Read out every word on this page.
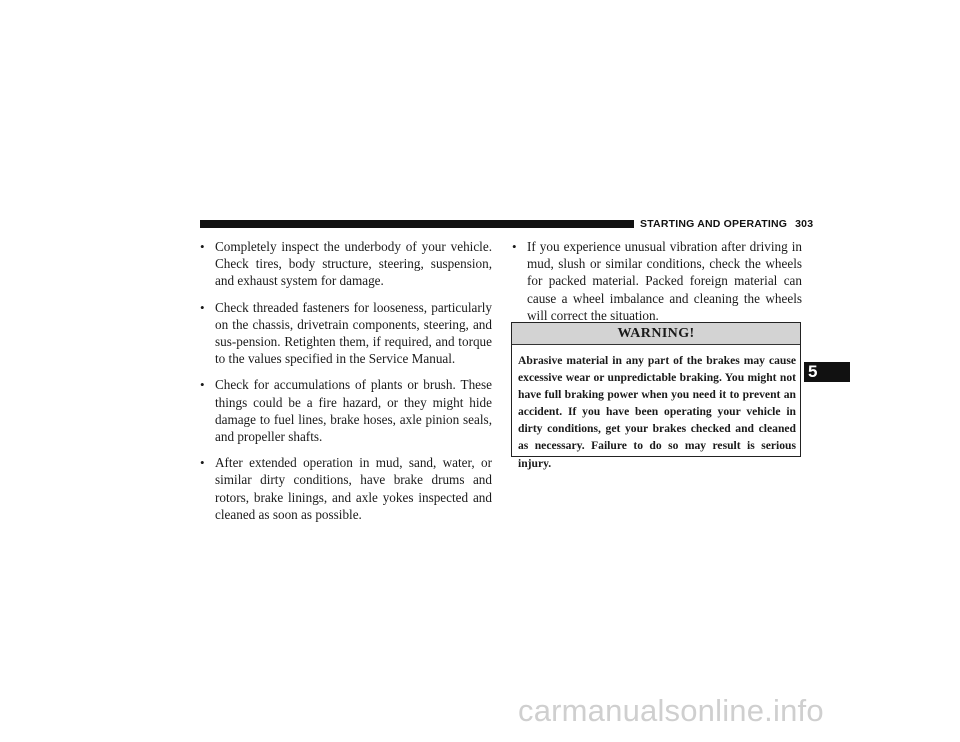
STARTING AND OPERATING 303
• Completely inspect the underbody of your vehicle. Check tires, body structure, steering, suspension, and exhaust system for damage.
• Check threaded fasteners for looseness, particularly on the chassis, drivetrain components, steering, and sus-pension. Retighten them, if required, and torque to the values specified in the Service Manual.
• Check for accumulations of plants or brush. These things could be a fire hazard, or they might hide damage to fuel lines, brake hoses, axle pinion seals, and propeller shafts.
• After extended operation in mud, sand, water, or similar dirty conditions, have brake drums and rotors, brake linings, and axle yokes inspected and cleaned as soon as possible.
• If you experience unusual vibration after driving in mud, slush or similar conditions, check the wheels for packed material. Packed foreign material can cause a wheel imbalance and cleaning the wheels will correct the situation.
WARNING!
Abrasive material in any part of the brakes may cause excessive wear or unpredictable braking. You might not have full braking power when you need it to prevent an accident. If you have been operating your vehicle in dirty conditions, get your brakes checked and cleaned as necessary. Failure to do so may result is serious injury.
5
carmanualsonline.info
